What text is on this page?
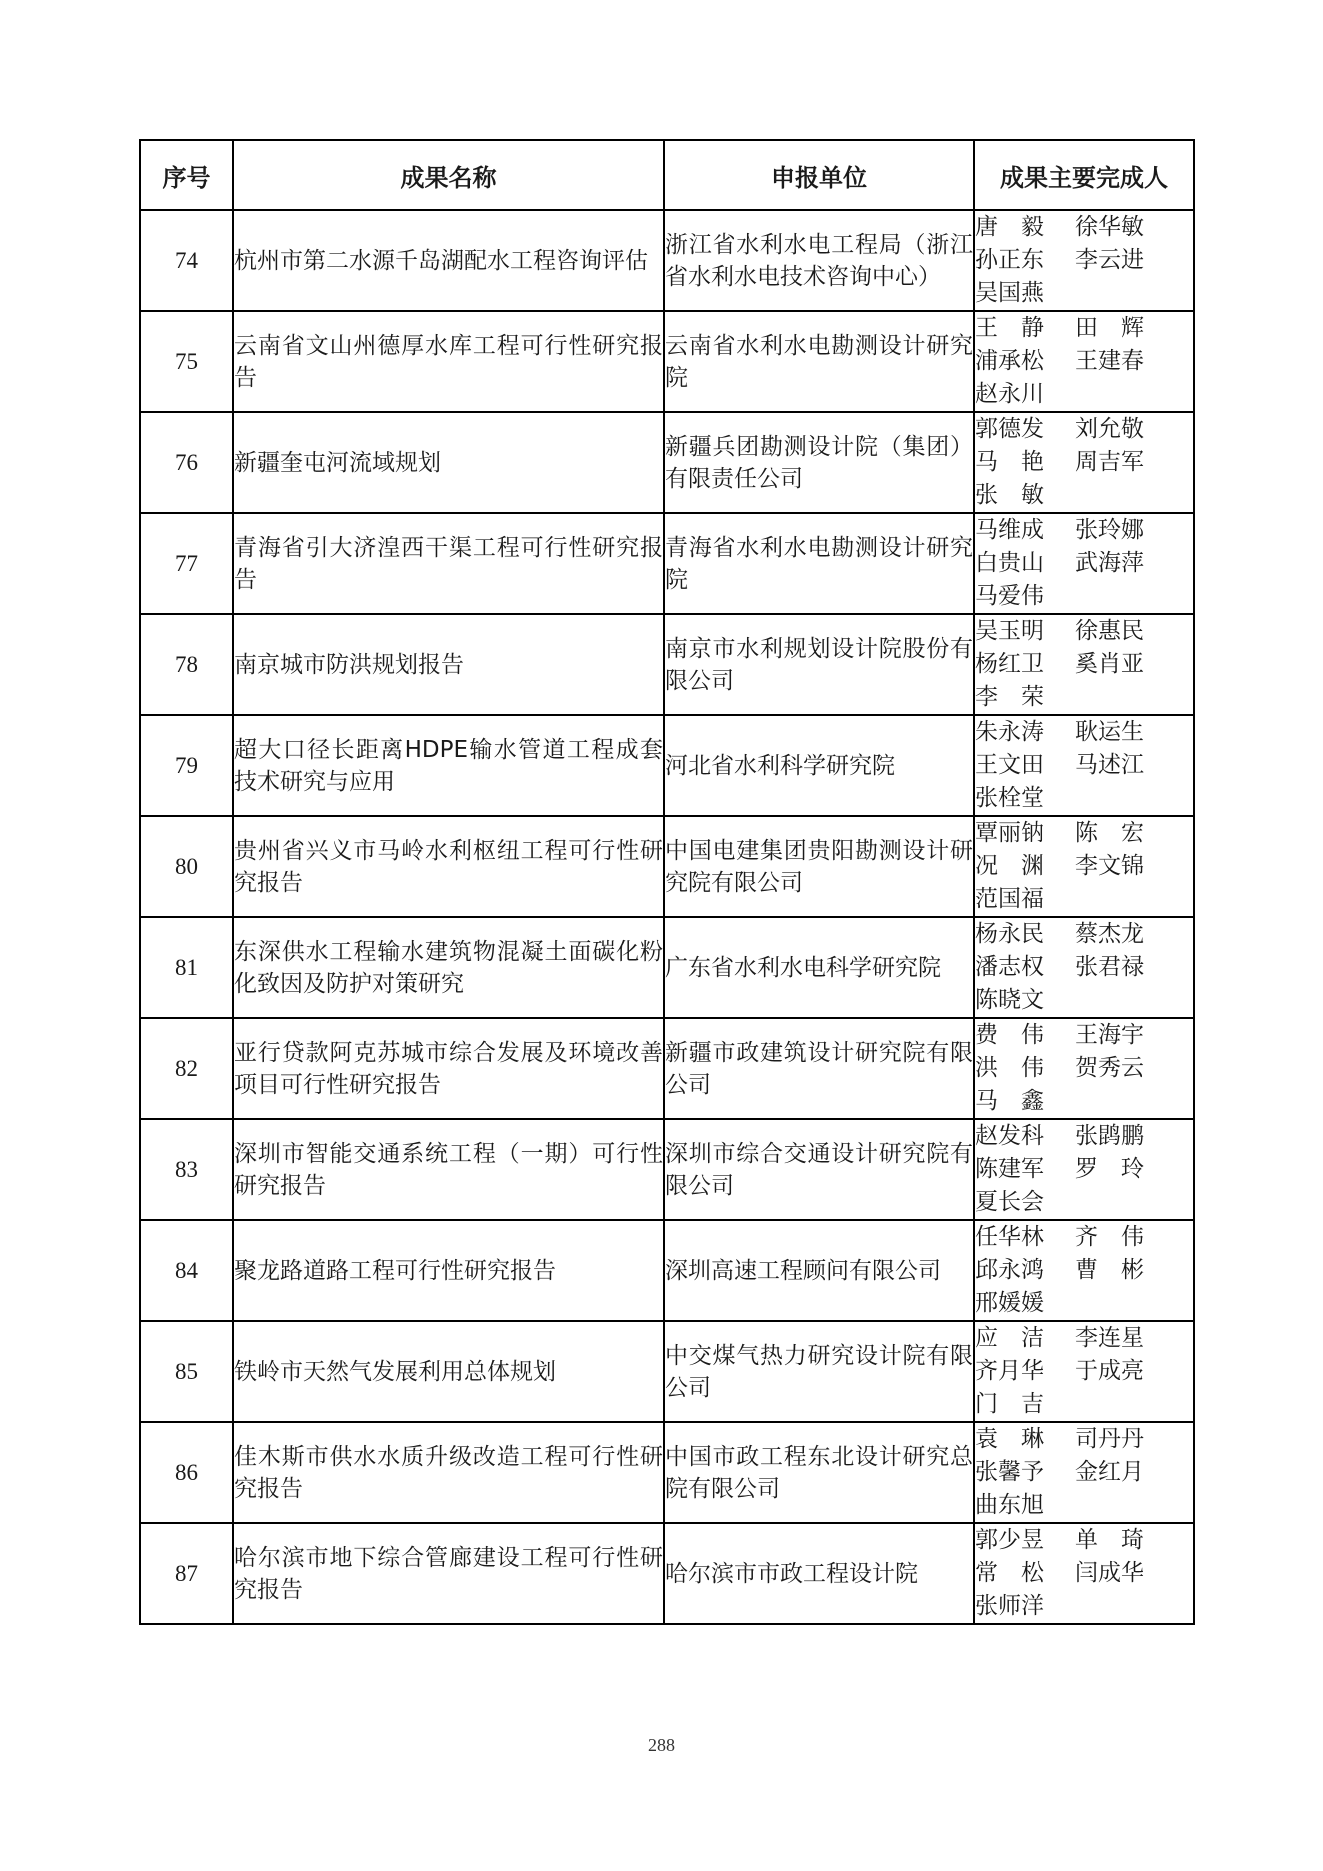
序号	成果名称	申报单位	成果主要完成人
74	杭州市第二水源千岛湖配水工程咨询评估	浙江省水利水电工程局（浙江省水利水电技术咨询中心）	唐　毅 徐华敏
孙正东 李云进
吴国燕

75	云南省文山州德厚水库工程可行性研究报告	云南省水利水电勘测设计研究院	王　静 田　辉
浦承松 王建春
赵永川

76	新疆奎屯河流域规划	新疆兵团勘测设计院（集团）有限责任公司	郭德发 刘允敬
马　艳 周吉军
张　敏

77	青海省引大济湟西干渠工程可行性研究报告	青海省水利水电勘测设计研究院	马维成 张玲娜
白贵山 武海萍
马爱伟

78	南京城市防洪规划报告	南京市水利规划设计院股份有限公司	吴玉明 徐惠民
杨红卫 奚肖亚
李　荣

79	超大口径长距离HDPE输水管道工程成套技术研究与应用	河北省水利科学研究院	朱永涛 耿运生
王文田 马述江
张栓堂

80	贵州省兴义市马岭水利枢纽工程可行性研究报告	中国电建集团贵阳勘测设计研究院有限公司	覃丽钠 陈　宏
况　渊 李文锦
范国福

81	东深供水工程输水建筑物混凝土面碳化粉化致因及防护对策研究	广东省水利水电科学研究院	杨永民 蔡杰龙
潘志权 张君禄
陈晓文

82	亚行贷款阿克苏城市综合发展及环境改善项目可行性研究报告	新疆市政建筑设计研究院有限公司	费　伟 王海宇
洪　伟 贺秀云
马　鑫

83	深圳市智能交通系统工程（一期）可行性研究报告	深圳市综合交通设计研究院有限公司	赵发科 张鹍鹏
陈建军 罗　玲
夏长会

84	聚龙路道路工程可行性研究报告	深圳高速工程顾问有限公司	任华林 齐　伟
邱永鸿 曹　彬
邢媛媛

85	铁岭市天然气发展利用总体规划	中交煤气热力研究设计院有限公司	应　洁 李连星
齐月华 于成亮
门　吉

86	佳木斯市供水水质升级改造工程可行性研究报告	中国市政工程东北设计研究总院有限公司	袁　琳 司丹丹
张馨予 金红月
曲东旭

87	哈尔滨市地下综合管廊建设工程可行性研究报告	哈尔滨市市政工程设计院	郭少昱 单　琦
常　松 闫成华
张师洋
288
